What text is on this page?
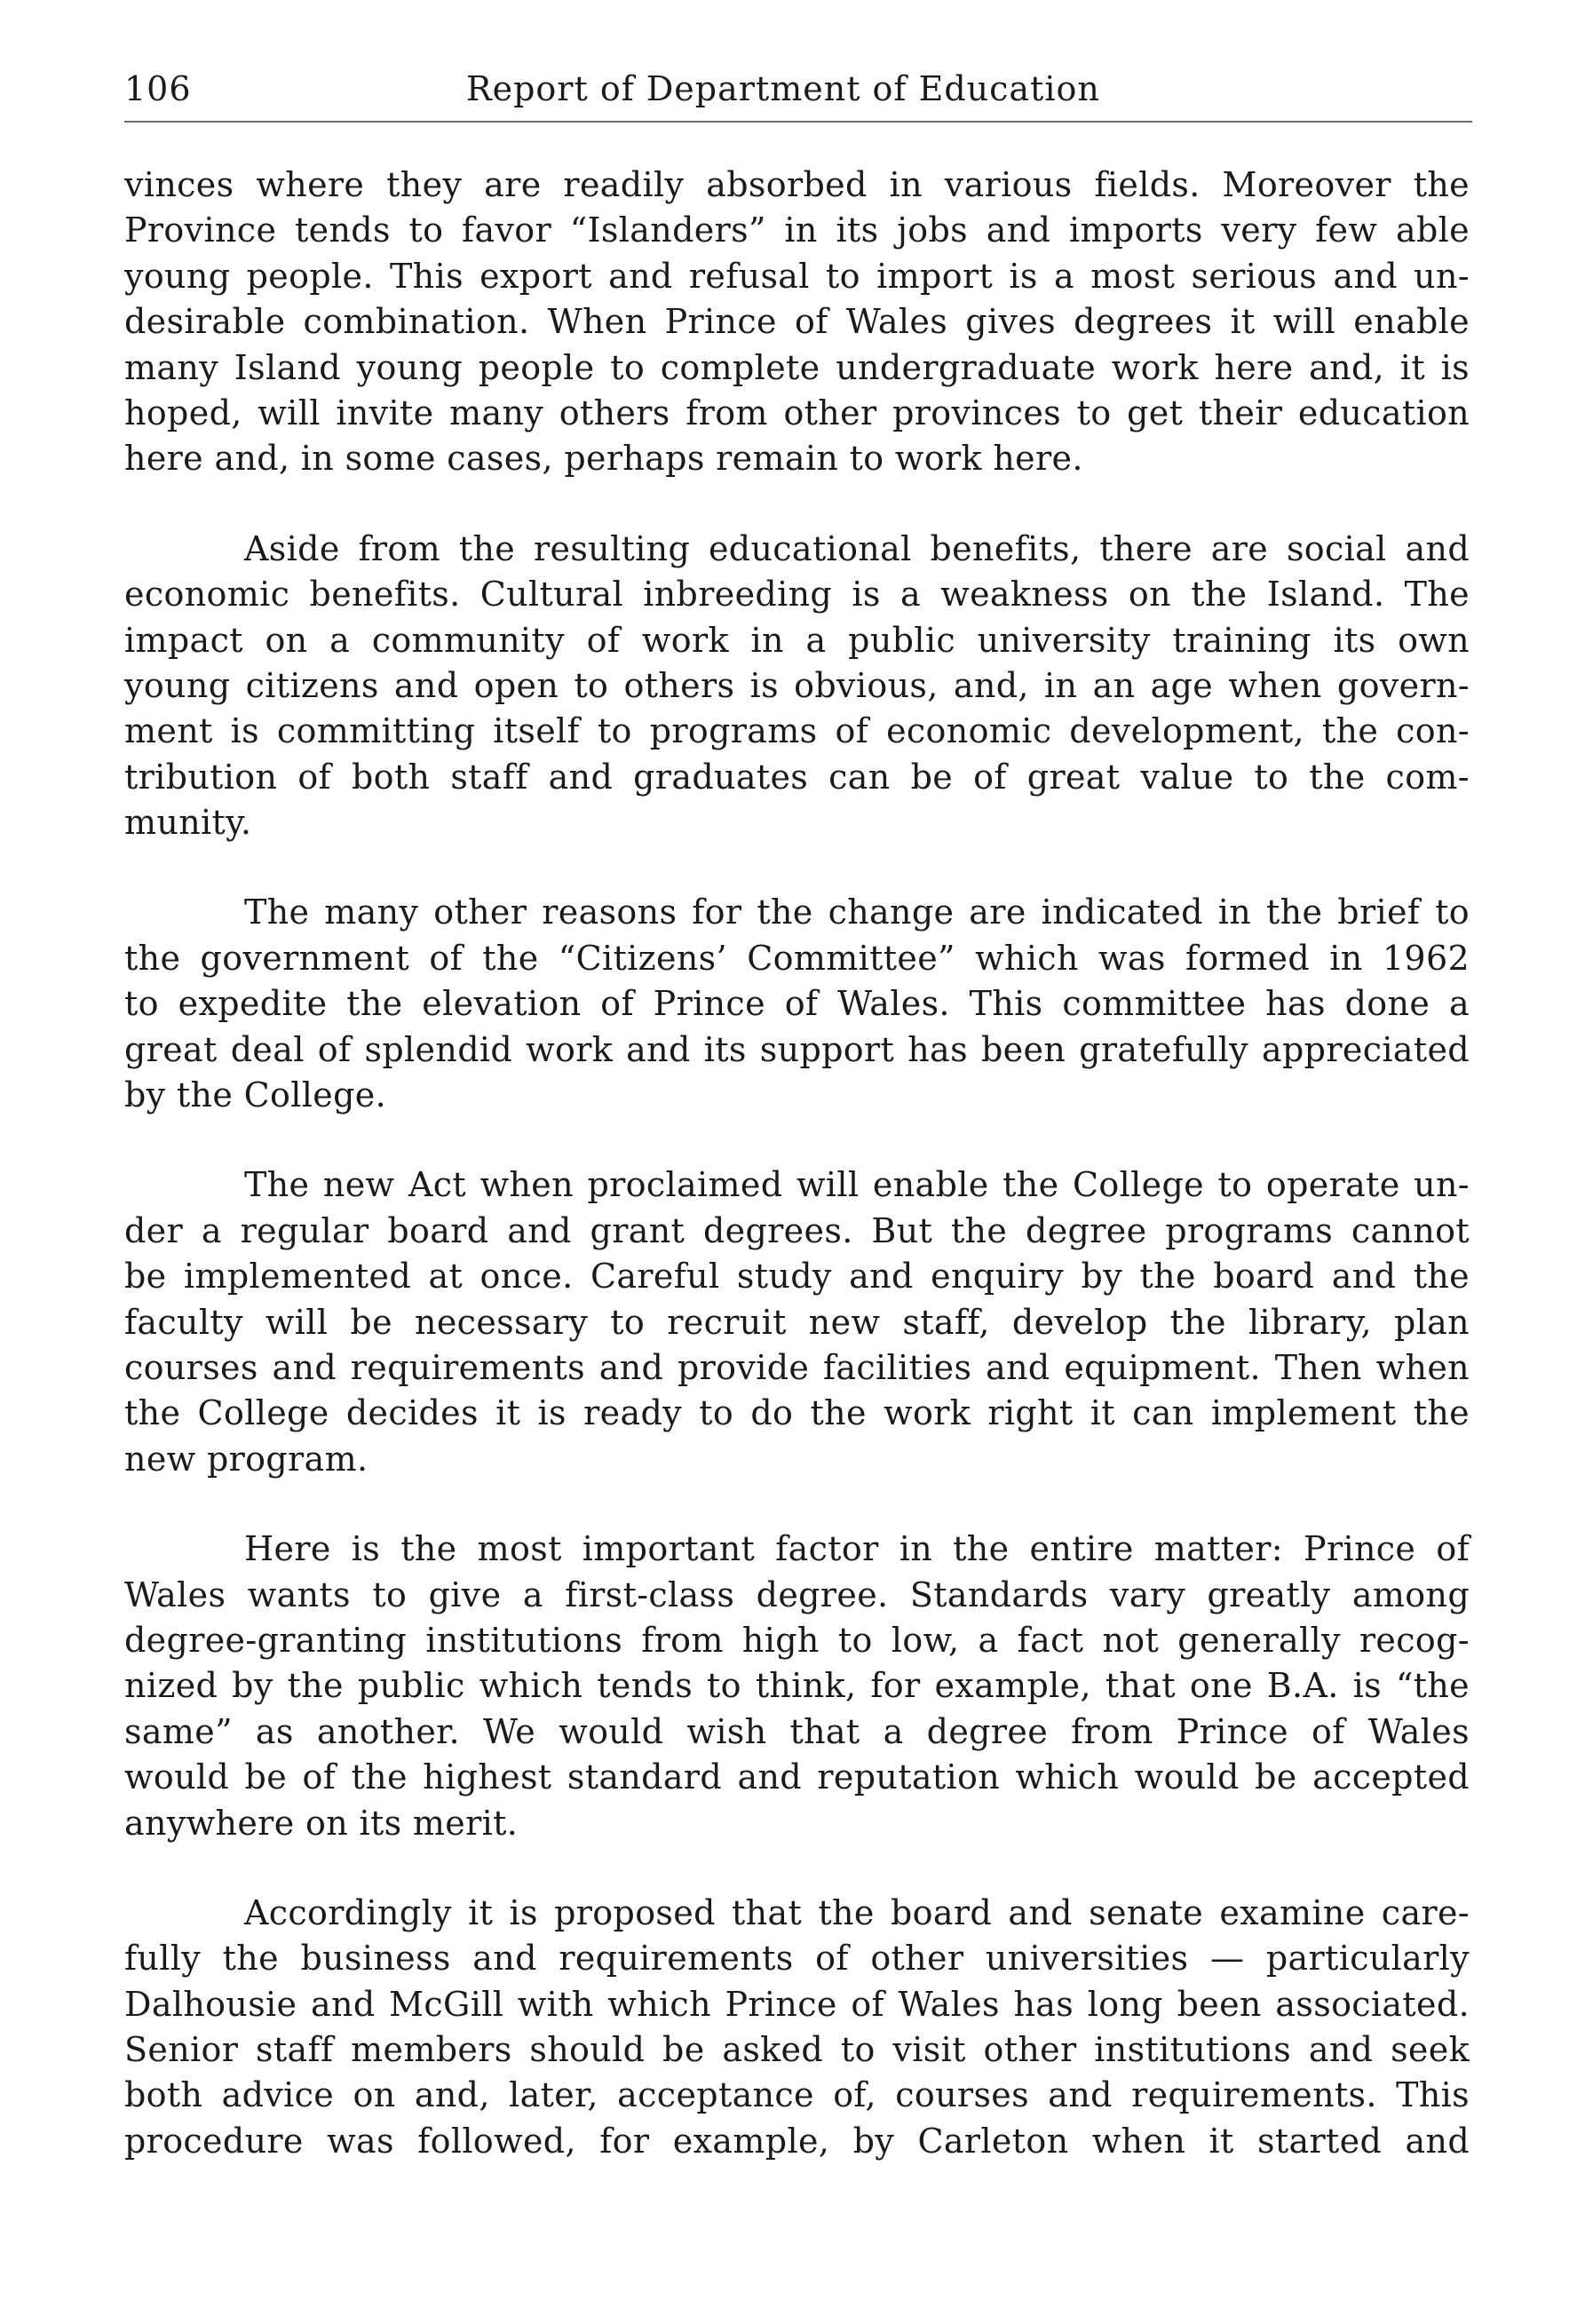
106	Report of Department of Education
vinces where they are readily absorbed in various fields. Moreover the
Province tends to favor “Islanders” in its jobs and imports very few able
young people. This export and refusal to import is a most serious and un-
desirable combination. When Prince of Wales gives degrees it will enable
many Island young people to complete undergraduate work here and, it is
hoped, will invite many others from other provinces to get their education
here and, in some cases, perhaps remain to work here.
Aside from the resulting educational benefits, there are social and
economic benefits. Cultural inbreeding is a weakness on the Island. The
impact on a community of work in a public university training its own
young citizens and open to others is obvious, and, in an age when govern-
ment is committing itself to programs of economic development, the con-
tribution of both staff and graduates can be of great value to the com-
munity.
The many other reasons for the change are indicated in the brief to
the government of the “Citizens’ Committee” which was formed in 1962
to expedite the elevation of Prince of Wales. This committee has done a
great deal of splendid work and its support has been gratefully appreciated
by the College.
The new Act when proclaimed will enable the College to operate un-
der a regular board and grant degrees. But the degree programs cannot
be implemented at once. Careful study and enquiry by the board and the
faculty will be necessary to recruit new staff, develop the library, plan
courses and requirements and provide facilities and equipment. Then when
the College decides it is ready to do the work right it can implement the
new program.
Here is the most important factor in the entire matter: Prince of
Wales wants to give a first-class degree. Standards vary greatly among
degree-granting institutions from high to low, a fact not generally recog-
nized by the public which tends to think, for example, that one B.A. is “the
same” as another. We would wish that a degree from Prince of Wales
would be of the highest standard and reputation which would be accepted
anywhere on its merit.
Accordingly it is proposed that the board and senate examine care-
fully the business and requirements of other universities — particularly
Dalhousie and McGill with which Prince of Wales has long been associated.
Senior staff members should be asked to visit other institutions and seek
both advice on and, later, acceptance of, courses and requirements. This
procedure was followed, for example, by Carleton when it started and
